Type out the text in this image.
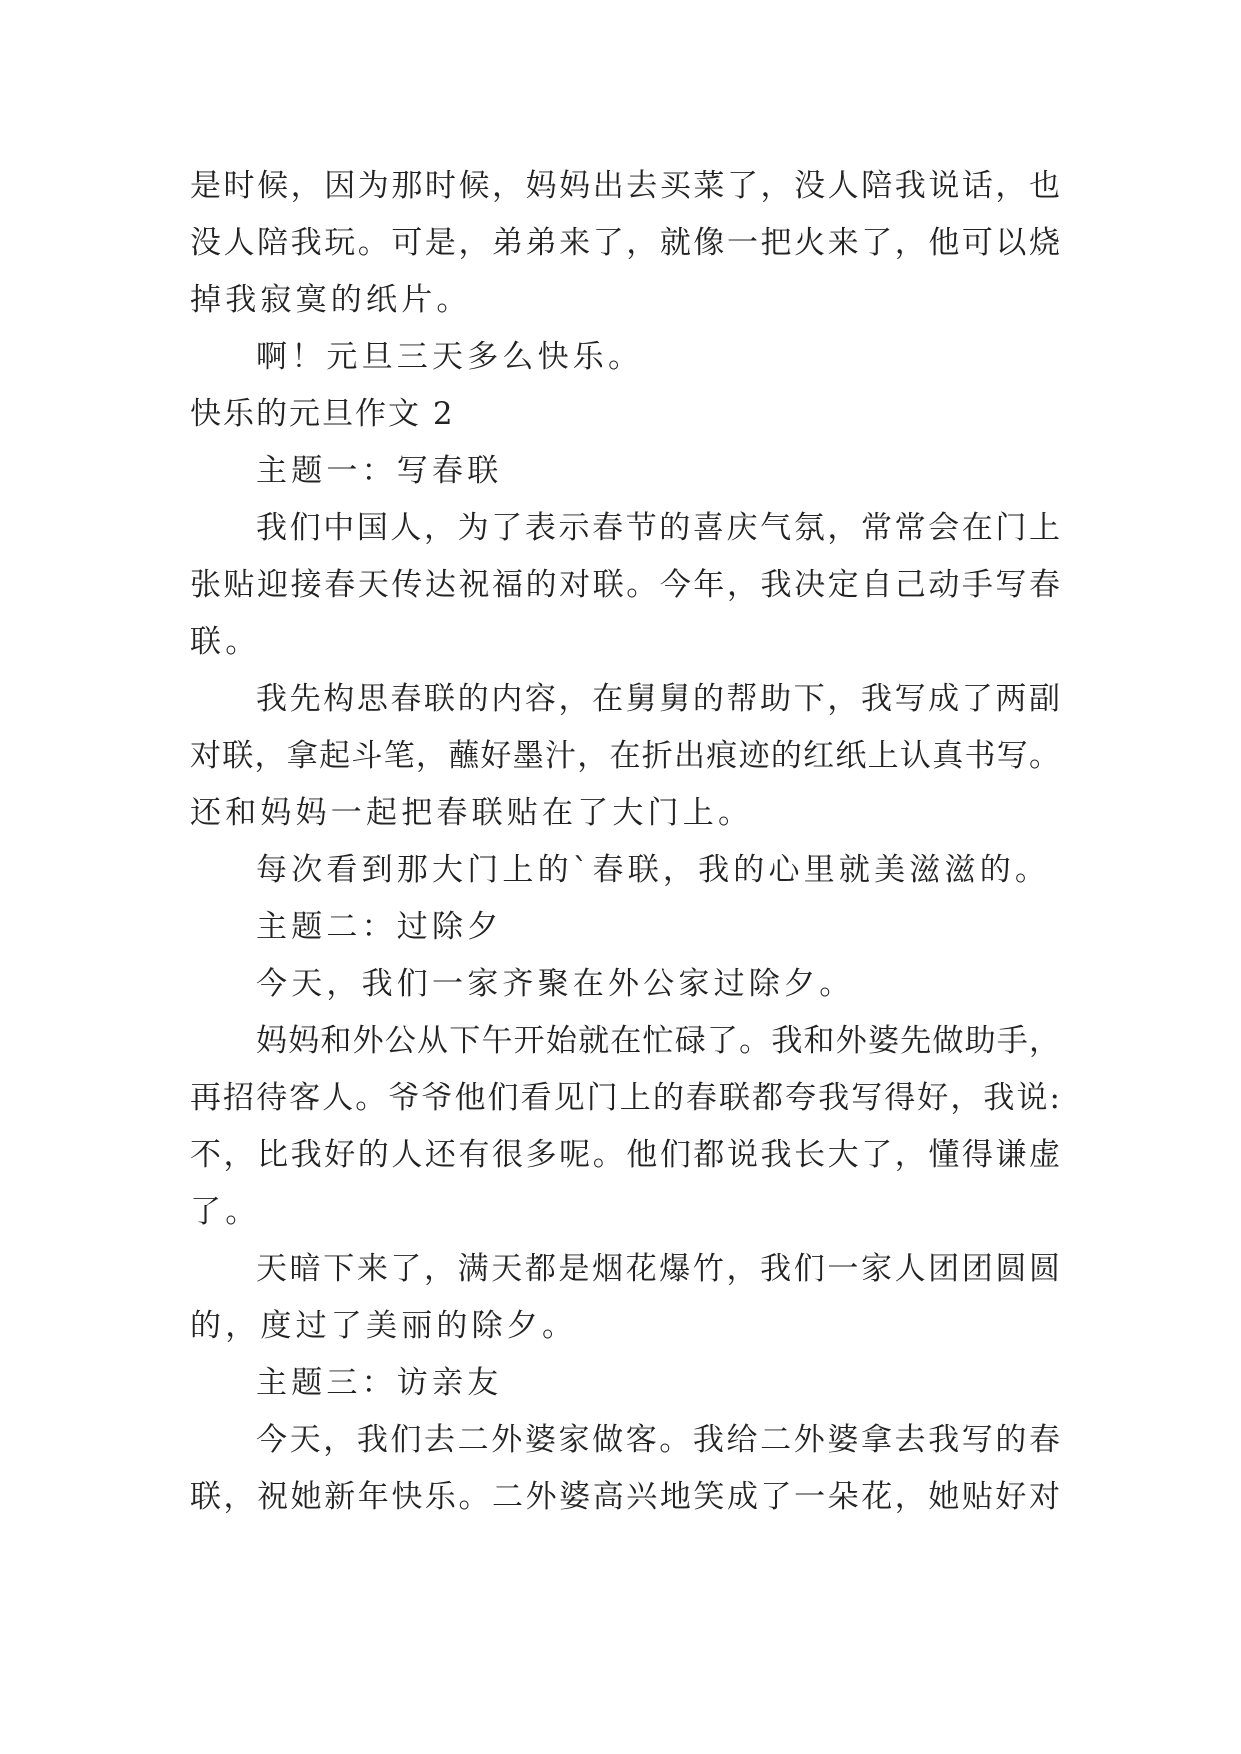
是时候，因为那时候，妈妈出去买菜了，没人陪我说话，也
没人陪我玩。可是，弟弟来了，就像一把火来了，他可以烧
掉我寂寞的纸片。
啊！元旦三天多么快乐。
快乐的元旦作文 2
主题一：写春联
我们中国人，为了表示春节的喜庆气氛，常常会在门上
张贴迎接春天传达祝福的对联。今年，我决定自己动手写春
联。
我先构思春联的内容，在舅舅的帮助下，我写成了两副
对联，拿起斗笔，蘸好墨汁，在折出痕迹的红纸上认真书写。
还和妈妈一起把春联贴在了大门上。
每次看到那大门上的`春联，我的心里就美滋滋的。
主题二：过除夕
今天，我们一家齐聚在外公家过除夕。
妈妈和外公从下午开始就在忙碌了。我和外婆先做助手，
再招待客人。爷爷他们看见门上的春联都夸我写得好，我说:
不，比我好的人还有很多呢。他们都说我长大了，懂得谦虚
了。
天暗下来了，满天都是烟花爆竹，我们一家人团团圆圆
的，度过了美丽的除夕。
主题三：访亲友
今天，我们去二外婆家做客。我给二外婆拿去我写的春
联，祝她新年快乐。二外婆高兴地笑成了一朵花，她贴好对
